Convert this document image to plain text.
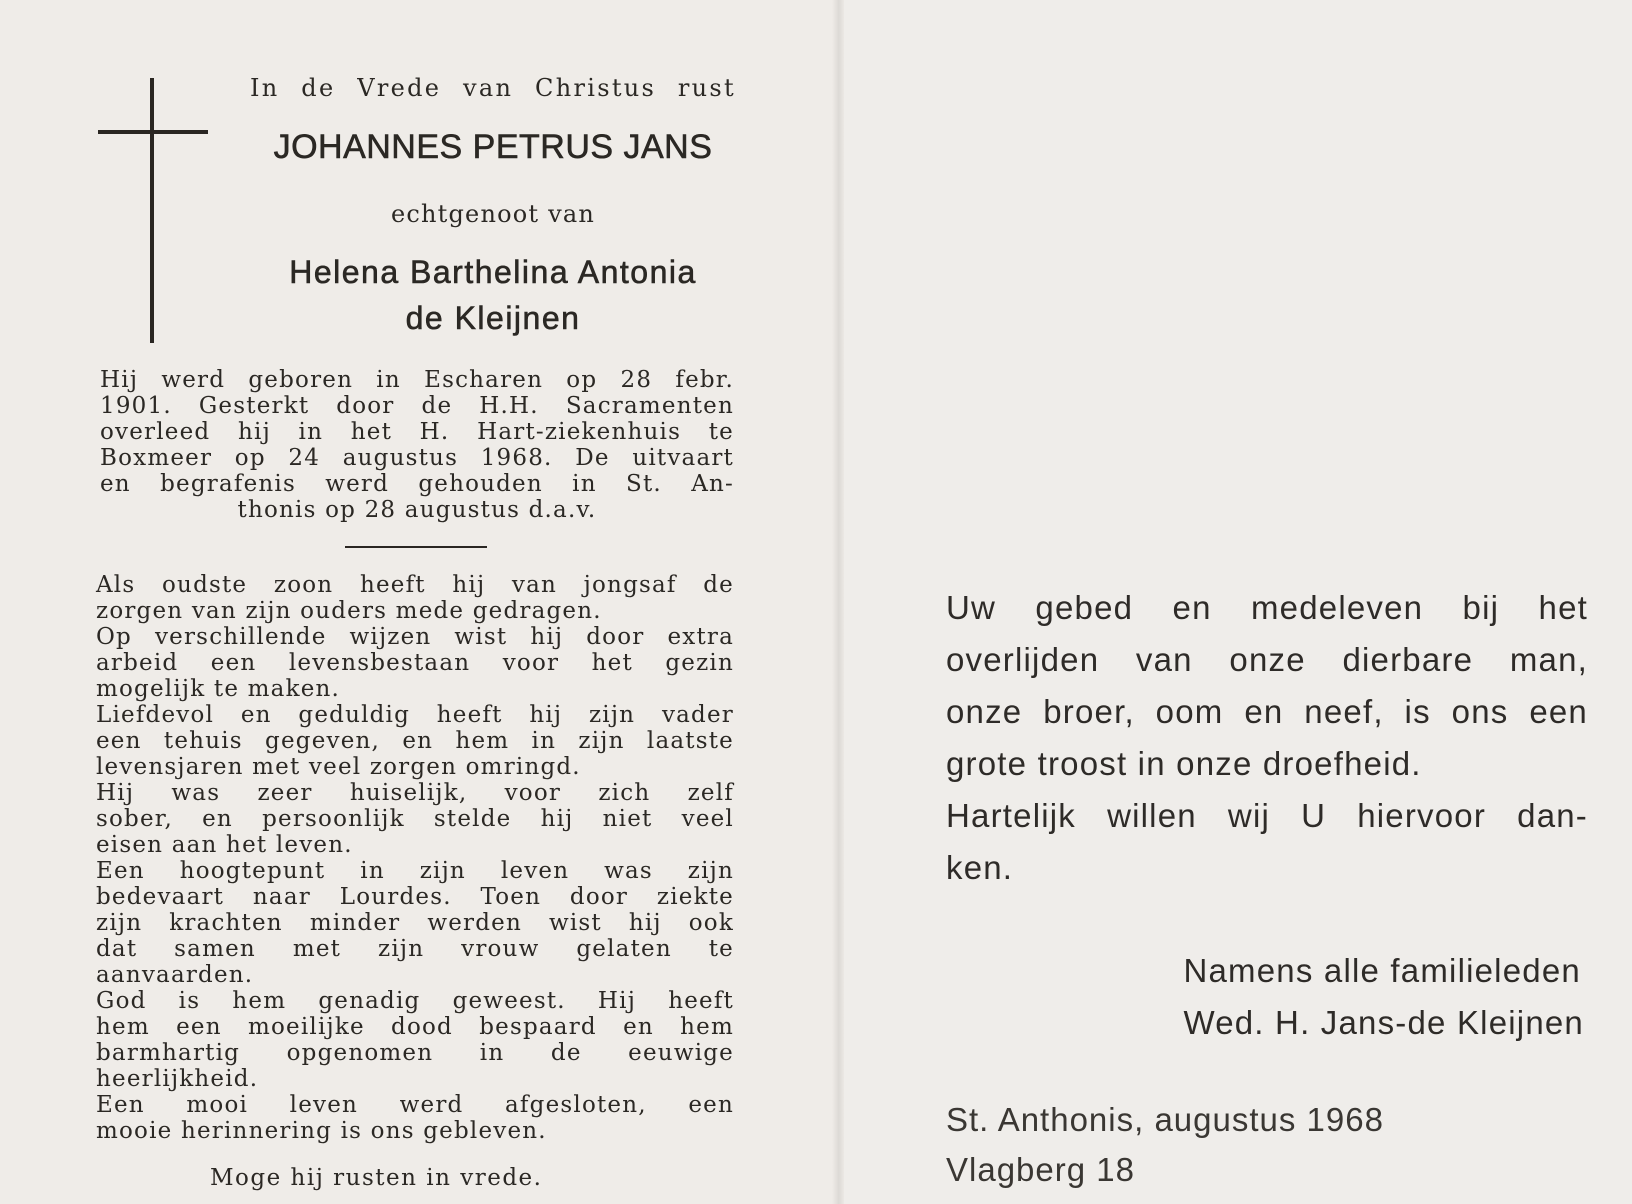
In de Vrede van Christus rust
JOHANNES PETRUS JANS
echtgenoot van
Helena Barthelina Antonia
de Kleijnen
Hij werd geboren in Escharen op 28 febr.
1901. Gesterkt door de H.H. Sacramenten
overleed hij in het H. Hart-ziekenhuis te
Boxmeer op 24 augustus 1968. De uitvaart
en begrafenis werd gehouden in St. An-
thonis op 28 augustus d.a.v.
Als oudste zoon heeft hij van jongsaf de
zorgen van zijn ouders mede gedragen.
Op verschillende wijzen wist hij door extra
arbeid een levensbestaan voor het gezin
mogelijk te maken.
Liefdevol en geduldig heeft hij zijn vader
een tehuis gegeven, en hem in zijn laatste
levensjaren met veel zorgen omringd.
Hij was zeer huiselijk, voor zich zelf
sober, en persoonlijk stelde hij niet veel
eisen aan het leven.
Een hoogtepunt in zijn leven was zijn
bedevaart naar Lourdes. Toen door ziekte
zijn krachten minder werden wist hij ook
dat samen met zijn vrouw gelaten te
aanvaarden.
God is hem genadig geweest. Hij heeft
hem een moeilijke dood bespaard en hem
barmhartig opgenomen in de eeuwige
heerlijkheid.
Een mooi leven werd afgesloten, een
mooie herinnering is ons gebleven.
Moge hij rusten in vrede.
Uw gebed en medeleven bij het
overlijden van onze dierbare man,
onze broer, oom en neef, is ons een
grote troost in onze droefheid.
Hartelijk willen wij U hiervoor dan-
ken.
Namens alle familieleden
Wed. H. Jans-de Kleijnen
St. Anthonis, augustus 1968
Vlagberg 18
